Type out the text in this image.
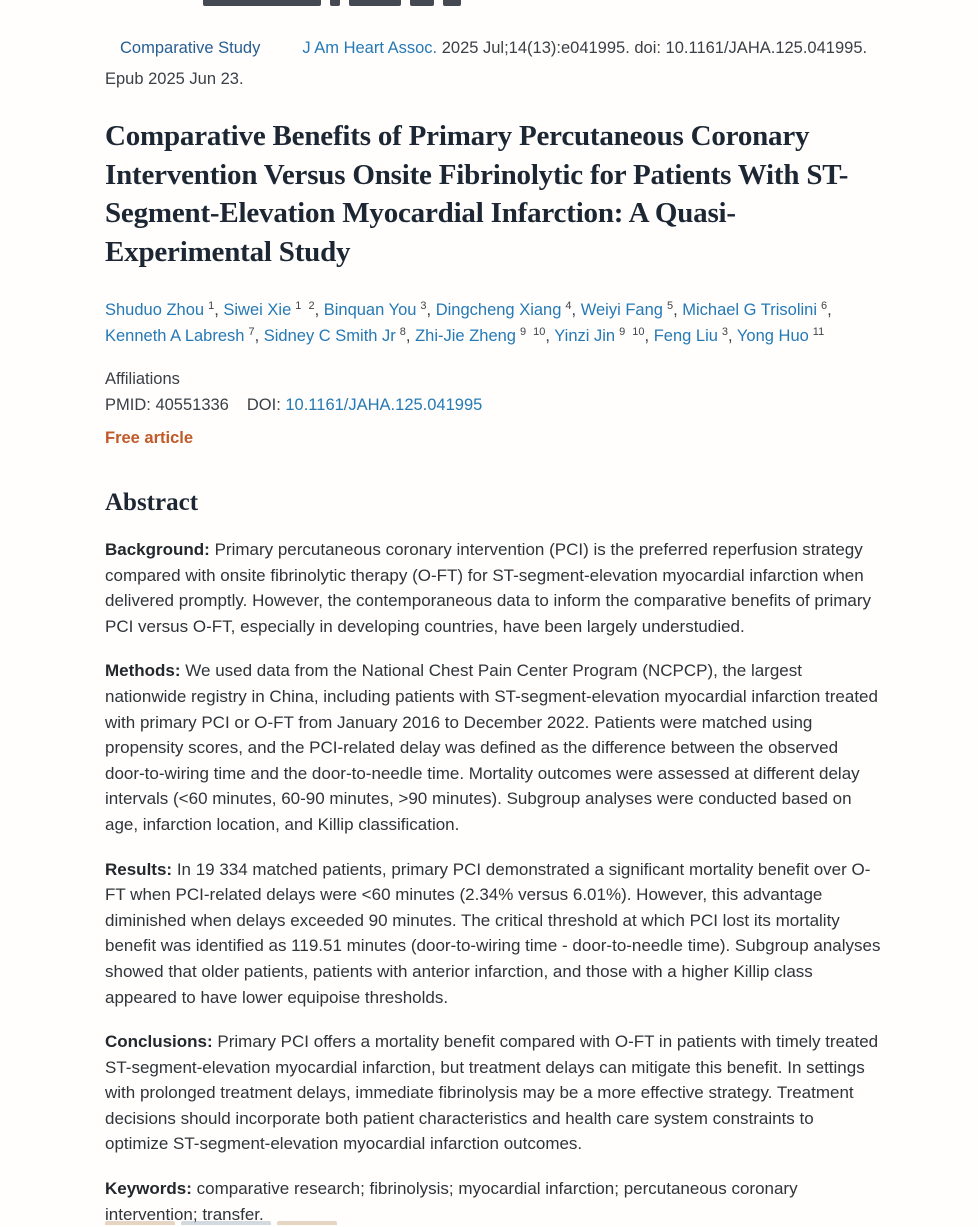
Comparative Study	J Am Heart Assoc. 2025 Jul;14(13):e041995. doi: 10.1161/JAHA.125.041995. Epub 2025 Jun 23.

Comparative Benefits of Primary Percutaneous Coronary Intervention Versus Onsite Fibrinolytic for Patients With ST-Segment-Elevation Myocardial Infarction: A Quasi-Experimental Study

Shuduo Zhou $^1$, Siwei Xie $^{1 2}$, Binquan You $^3$, Dingcheng Xiang $^4$, Weiyi Fang $^5$, Michael G Trisolini $^6$, Kenneth A Labresh $^7$, Sidney C Smith Jr $^8$, Zhi-Jie Zheng $^{9 10}$, Yinzi Jin $^{9 10}$, Feng Liu $^3$, Yong Huo $^{11}$

Affiliations
PMID: 40551336 DOI: 10.1161/JAHA.125.041995
Free article
Abstract

Background: Primary percutaneous coronary intervention (PCI) is the preferred reperfusion strategy compared with onsite fibrinolytic therapy (O-FT) for ST-segment-elevation myocardial infarction when delivered promptly. However, the contemporaneous data to inform the comparative benefits of primary PCI versus O-FT, especially in developing countries, have been largely understudied.

Methods: We used data from the National Chest Pain Center Program (NCPCP), the largest nationwide registry in China, including patients with ST-segment-elevation myocardial infarction treated with primary PCI or O-FT from January 2016 to December 2022. Patients were matched using propensity scores, and the PCI-related delay was defined as the difference between the observed door-to-wiring time and the door-to-needle time. Mortality outcomes were assessed at different delay intervals (<60 minutes, 60-90 minutes, >90 minutes). Subgroup analyses were conducted based on age, infarction location, and Killip classification.

Results: In 19 334 matched patients, primary PCI demonstrated a significant mortality benefit over O-FT when PCI-related delays were <60 minutes (2.34% versus 6.01%). However, this advantage diminished when delays exceeded 90 minutes. The critical threshold at which PCI lost its mortality benefit was identified as 119.51 minutes (door-to-wiring time - door-to-needle time). Subgroup analyses showed that older patients, patients with anterior infarction, and those with a higher Killip class appeared to have lower equipoise thresholds.

Conclusions: Primary PCI offers a mortality benefit compared with O-FT in patients with timely treated ST-segment-elevation myocardial infarction, but treatment delays can mitigate this benefit. In settings with prolonged treatment delays, immediate fibrinolysis may be a more effective strategy. Treatment decisions should incorporate both patient characteristics and health care system constraints to optimize ST-segment-elevation myocardial infarction outcomes.

Keywords: comparative research; fibrinolysis; myocardial infarction; percutaneous coronary intervention; transfer.
